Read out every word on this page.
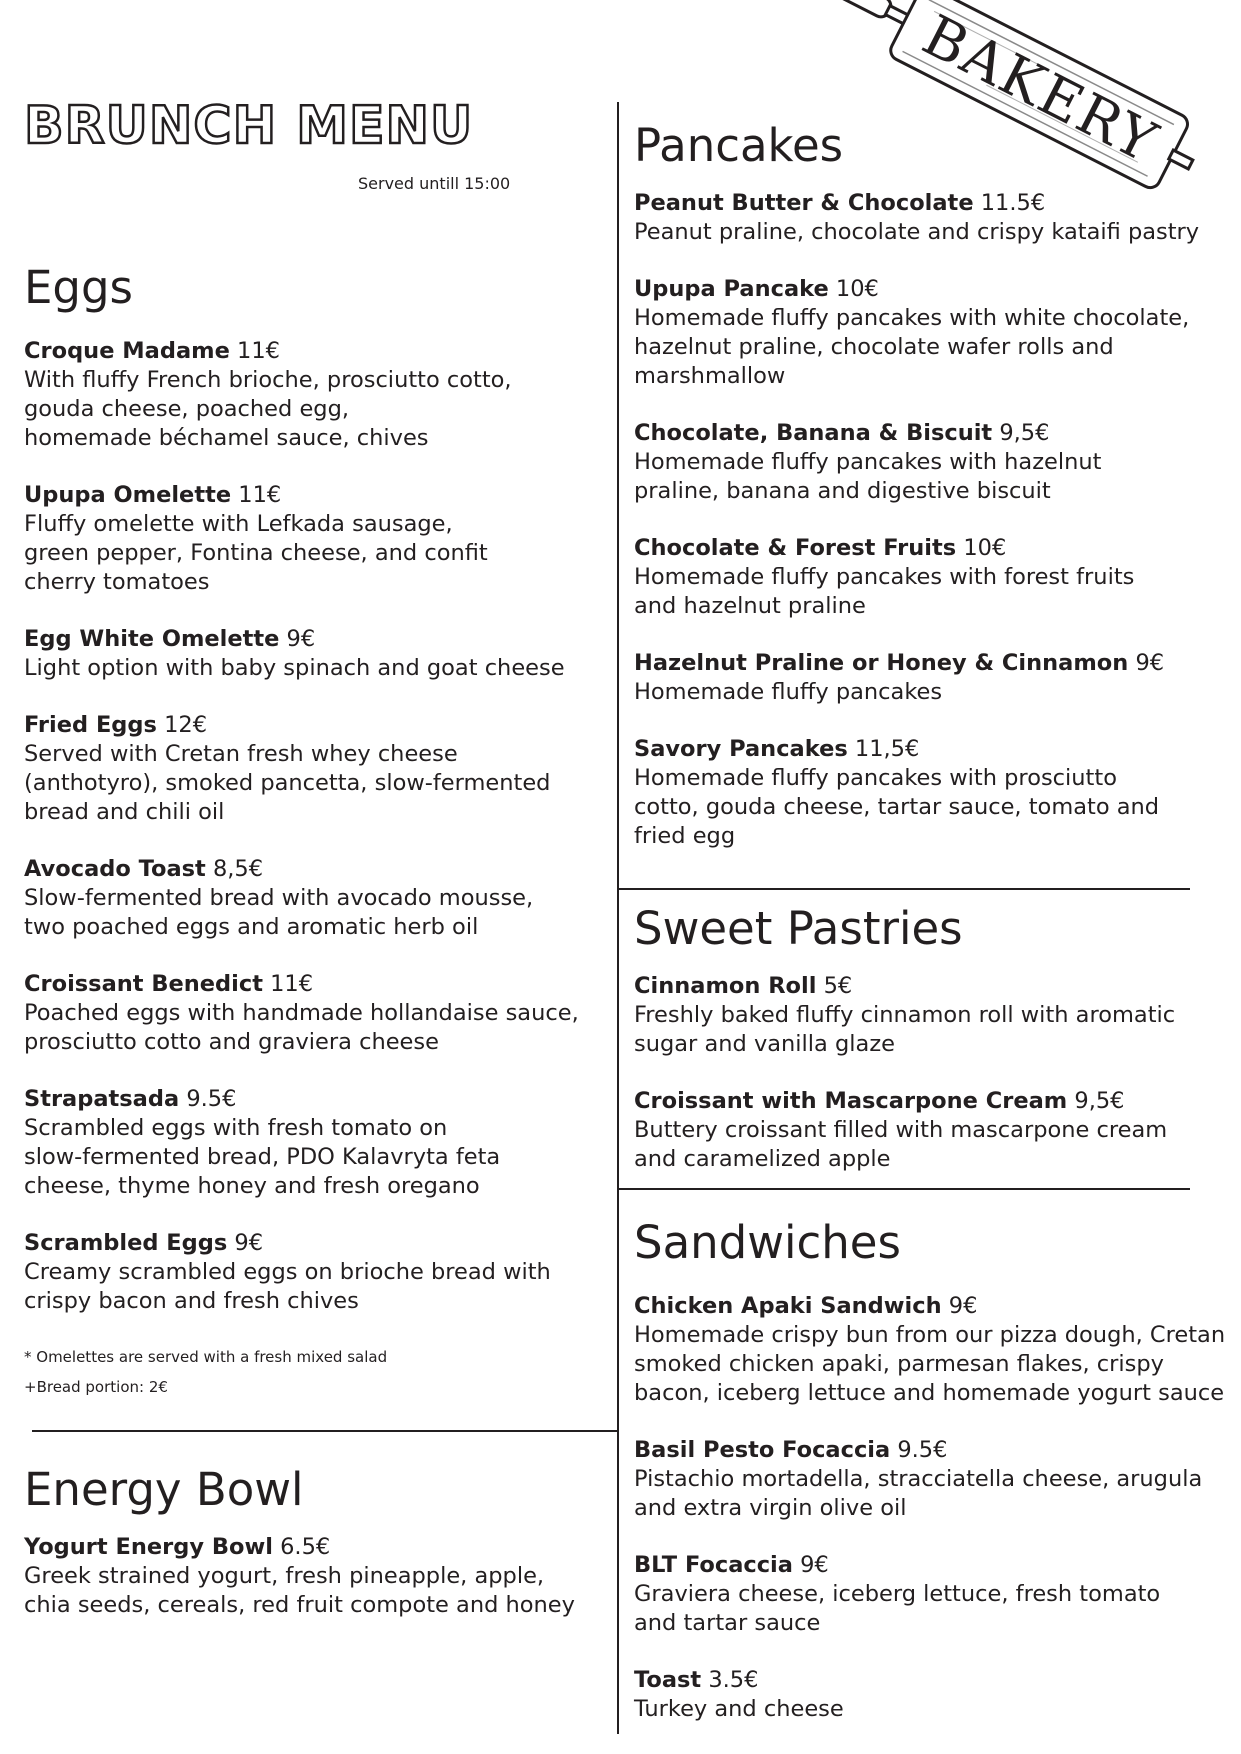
BAKERY
BRUNCH MENU
Served untill 15:00
Eggs
Croque Madame 11€
With fluffy French brioche, prosciutto cotto,
gouda cheese, poached egg,
homemade béchamel sauce, chives
Upupa Omelette 11€
Fluffy omelette with Lefkada sausage,
green pepper, Fontina cheese, and confit
cherry tomatoes
Egg White Omelette 9€
Light option with baby spinach and goat cheese
Fried Eggs 12€
Served with Cretan fresh whey cheese
(anthotyro), smoked pancetta, slow-fermented
bread and chili oil
Avocado Toast 8,5€
Slow-fermented bread with avocado mousse,
two poached eggs and aromatic herb oil
Croissant Benedict 11€
Poached eggs with handmade hollandaise sauce,
prosciutto cotto and graviera cheese
Strapatsada 9.5€
Scrambled eggs with fresh tomato on
slow-fermented bread, PDO Kalavryta feta
cheese, thyme honey and fresh oregano
Scrambled Eggs 9€
Creamy scrambled eggs on brioche bread with
crispy bacon and fresh chives
* Omelettes are served with a fresh mixed salad
+Bread portion: 2€
Energy Bowl
Yogurt Energy Bowl 6.5€
Greek strained yogurt, fresh pineapple, apple,
chia seeds, cereals, red fruit compote and honey
Pancakes
Peanut Butter & Chocolate 11.5€
Peanut praline, chocolate and crispy kataifi pastry
Upupa Pancake 10€
Homemade fluffy pancakes with white chocolate,
hazelnut praline, chocolate wafer rolls and
marshmallow
Chocolate, Banana & Biscuit 9,5€
Homemade fluffy pancakes with hazelnut
praline, banana and digestive biscuit
Chocolate & Forest Fruits 10€
Homemade fluffy pancakes with forest fruits
and hazelnut praline
Hazelnut Praline or Honey & Cinnamon 9€
Homemade fluffy pancakes
Savory Pancakes 11,5€
Homemade fluffy pancakes with prosciutto
cotto, gouda cheese, tartar sauce, tomato and
fried egg
Sweet Pastries
Cinnamon Roll 5€
Freshly baked fluffy cinnamon roll with aromatic
sugar and vanilla glaze
Croissant with Mascarpone Cream 9,5€
Buttery croissant filled with mascarpone cream
and caramelized apple
Sandwiches
Chicken Apaki Sandwich 9€
Homemade crispy bun from our pizza dough, Cretan
smoked chicken apaki, parmesan flakes, crispy
bacon, iceberg lettuce and homemade yogurt sauce
Basil Pesto Focaccia 9.5€
Pistachio mortadella, stracciatella cheese, arugula
and extra virgin olive oil
BLT Focaccia 9€
Graviera cheese, iceberg lettuce, fresh tomato
and tartar sauce
Toast 3.5€
Turkey and cheese
